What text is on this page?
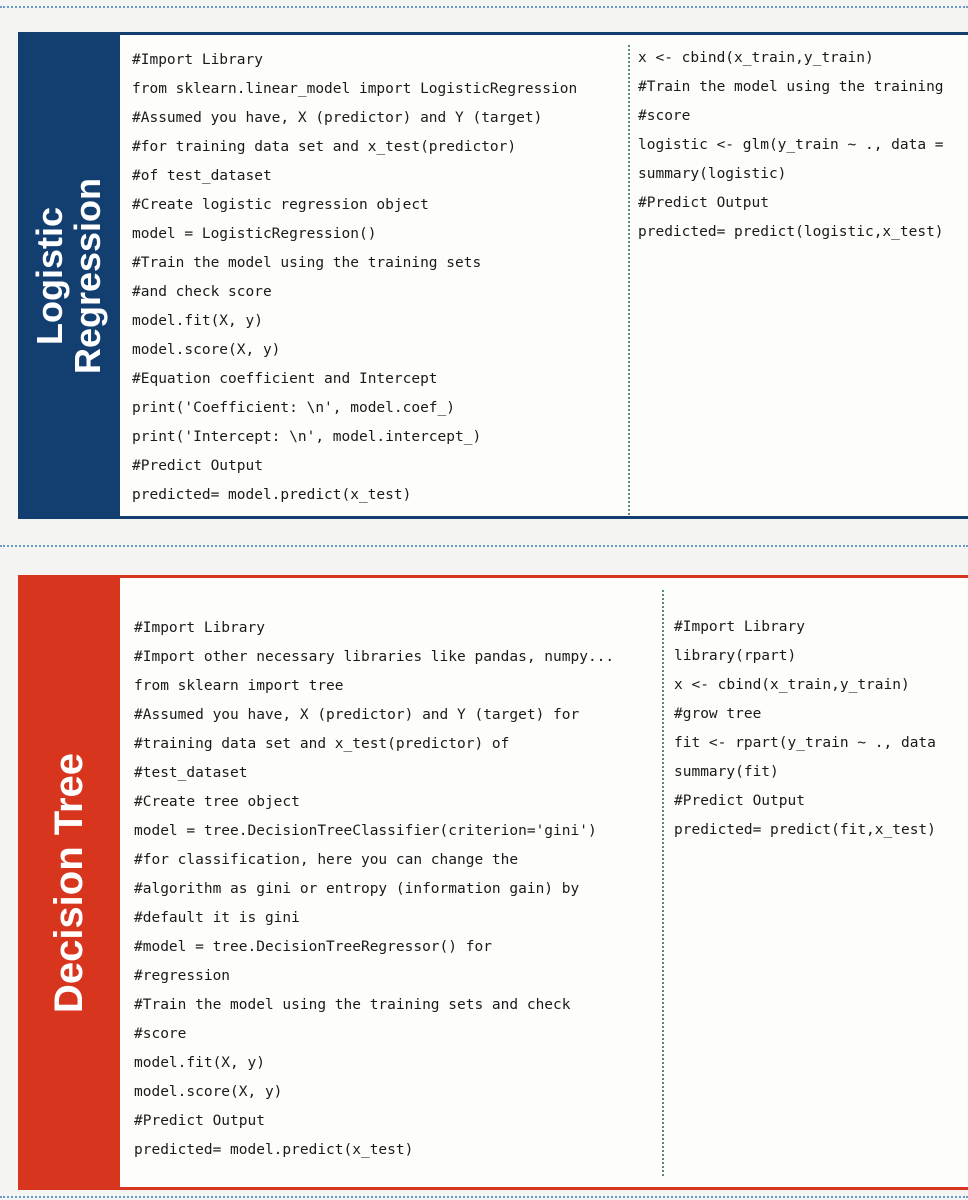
Logistic
Regression
#Import Library
from sklearn.linear_model import LogisticRegression
#Assumed you have, X (predictor) and Y (target)
#for training data set and x_test(predictor)
#of test_dataset
#Create logistic regression object
model = LogisticRegression()
#Train the model using the training sets
#and check score
model.fit(X, y)
model.score(X, y)
#Equation coefficient and Intercept
print('Coefficient: \n', model.coef_)
print('Intercept: \n', model.intercept_)
#Predict Output
predicted= model.predict(x_test)
x <- cbind(x_train,y_train)
#Train the model using the training
#score
logistic <- glm(y_train ~ ., data =
summary(logistic)
#Predict Output
predicted= predict(logistic,x_test)
Decision Tree
#Import Library
#Import other necessary libraries like pandas, numpy...
from sklearn import tree
#Assumed you have, X (predictor) and Y (target) for
#training data set and x_test(predictor) of
#test_dataset
#Create tree object
model = tree.DecisionTreeClassifier(criterion='gini')
#for classification, here you can change the
#algorithm as gini or entropy (information gain) by
#default it is gini
#model = tree.DecisionTreeRegressor() for
#regression
#Train the model using the training sets and check
#score
model.fit(X, y)
model.score(X, y)
#Predict Output
predicted= model.predict(x_test)
#Import Library
library(rpart)
x <- cbind(x_train,y_train)
#grow tree
fit <- rpart(y_train ~ ., data
summary(fit)
#Predict Output
predicted= predict(fit,x_test)
